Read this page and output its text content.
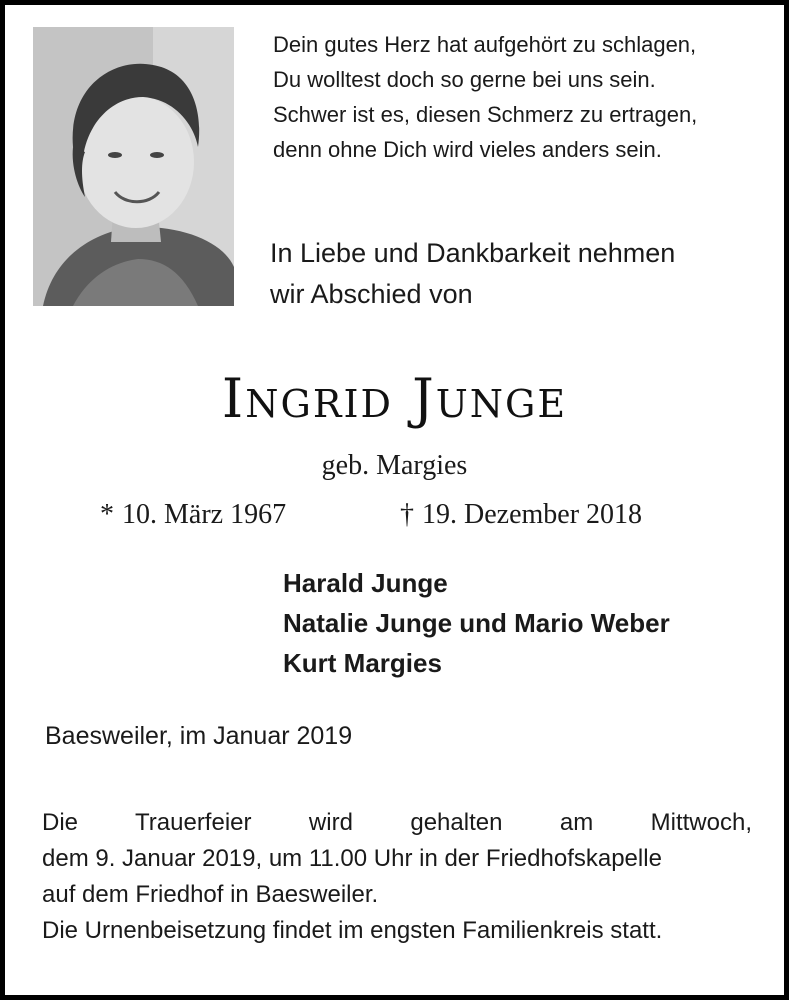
Dein gutes Herz hat aufgehört zu schlagen,
Du wolltest doch so gerne bei uns sein.
Schwer ist es, diesen Schmerz zu ertragen,
denn ohne Dich wird vieles anders sein.
In Liebe und Dankbarkeit nehmen
wir Abschied von
Ingrid Junge
geb. Margies
* 10. März 1967	† 19. Dezember 2018
Harald Junge
Natalie Junge und Mario Weber
Kurt Margies
Baesweiler, im Januar 2019
Die Trauerfeier wird gehalten am Mittwoch,
dem 9. Januar 2019, um 11.00 Uhr in der Friedhofskapelle
auf dem Friedhof in Baesweiler.
Die Urnenbeisetzung findet im engsten Familienkreis statt.
